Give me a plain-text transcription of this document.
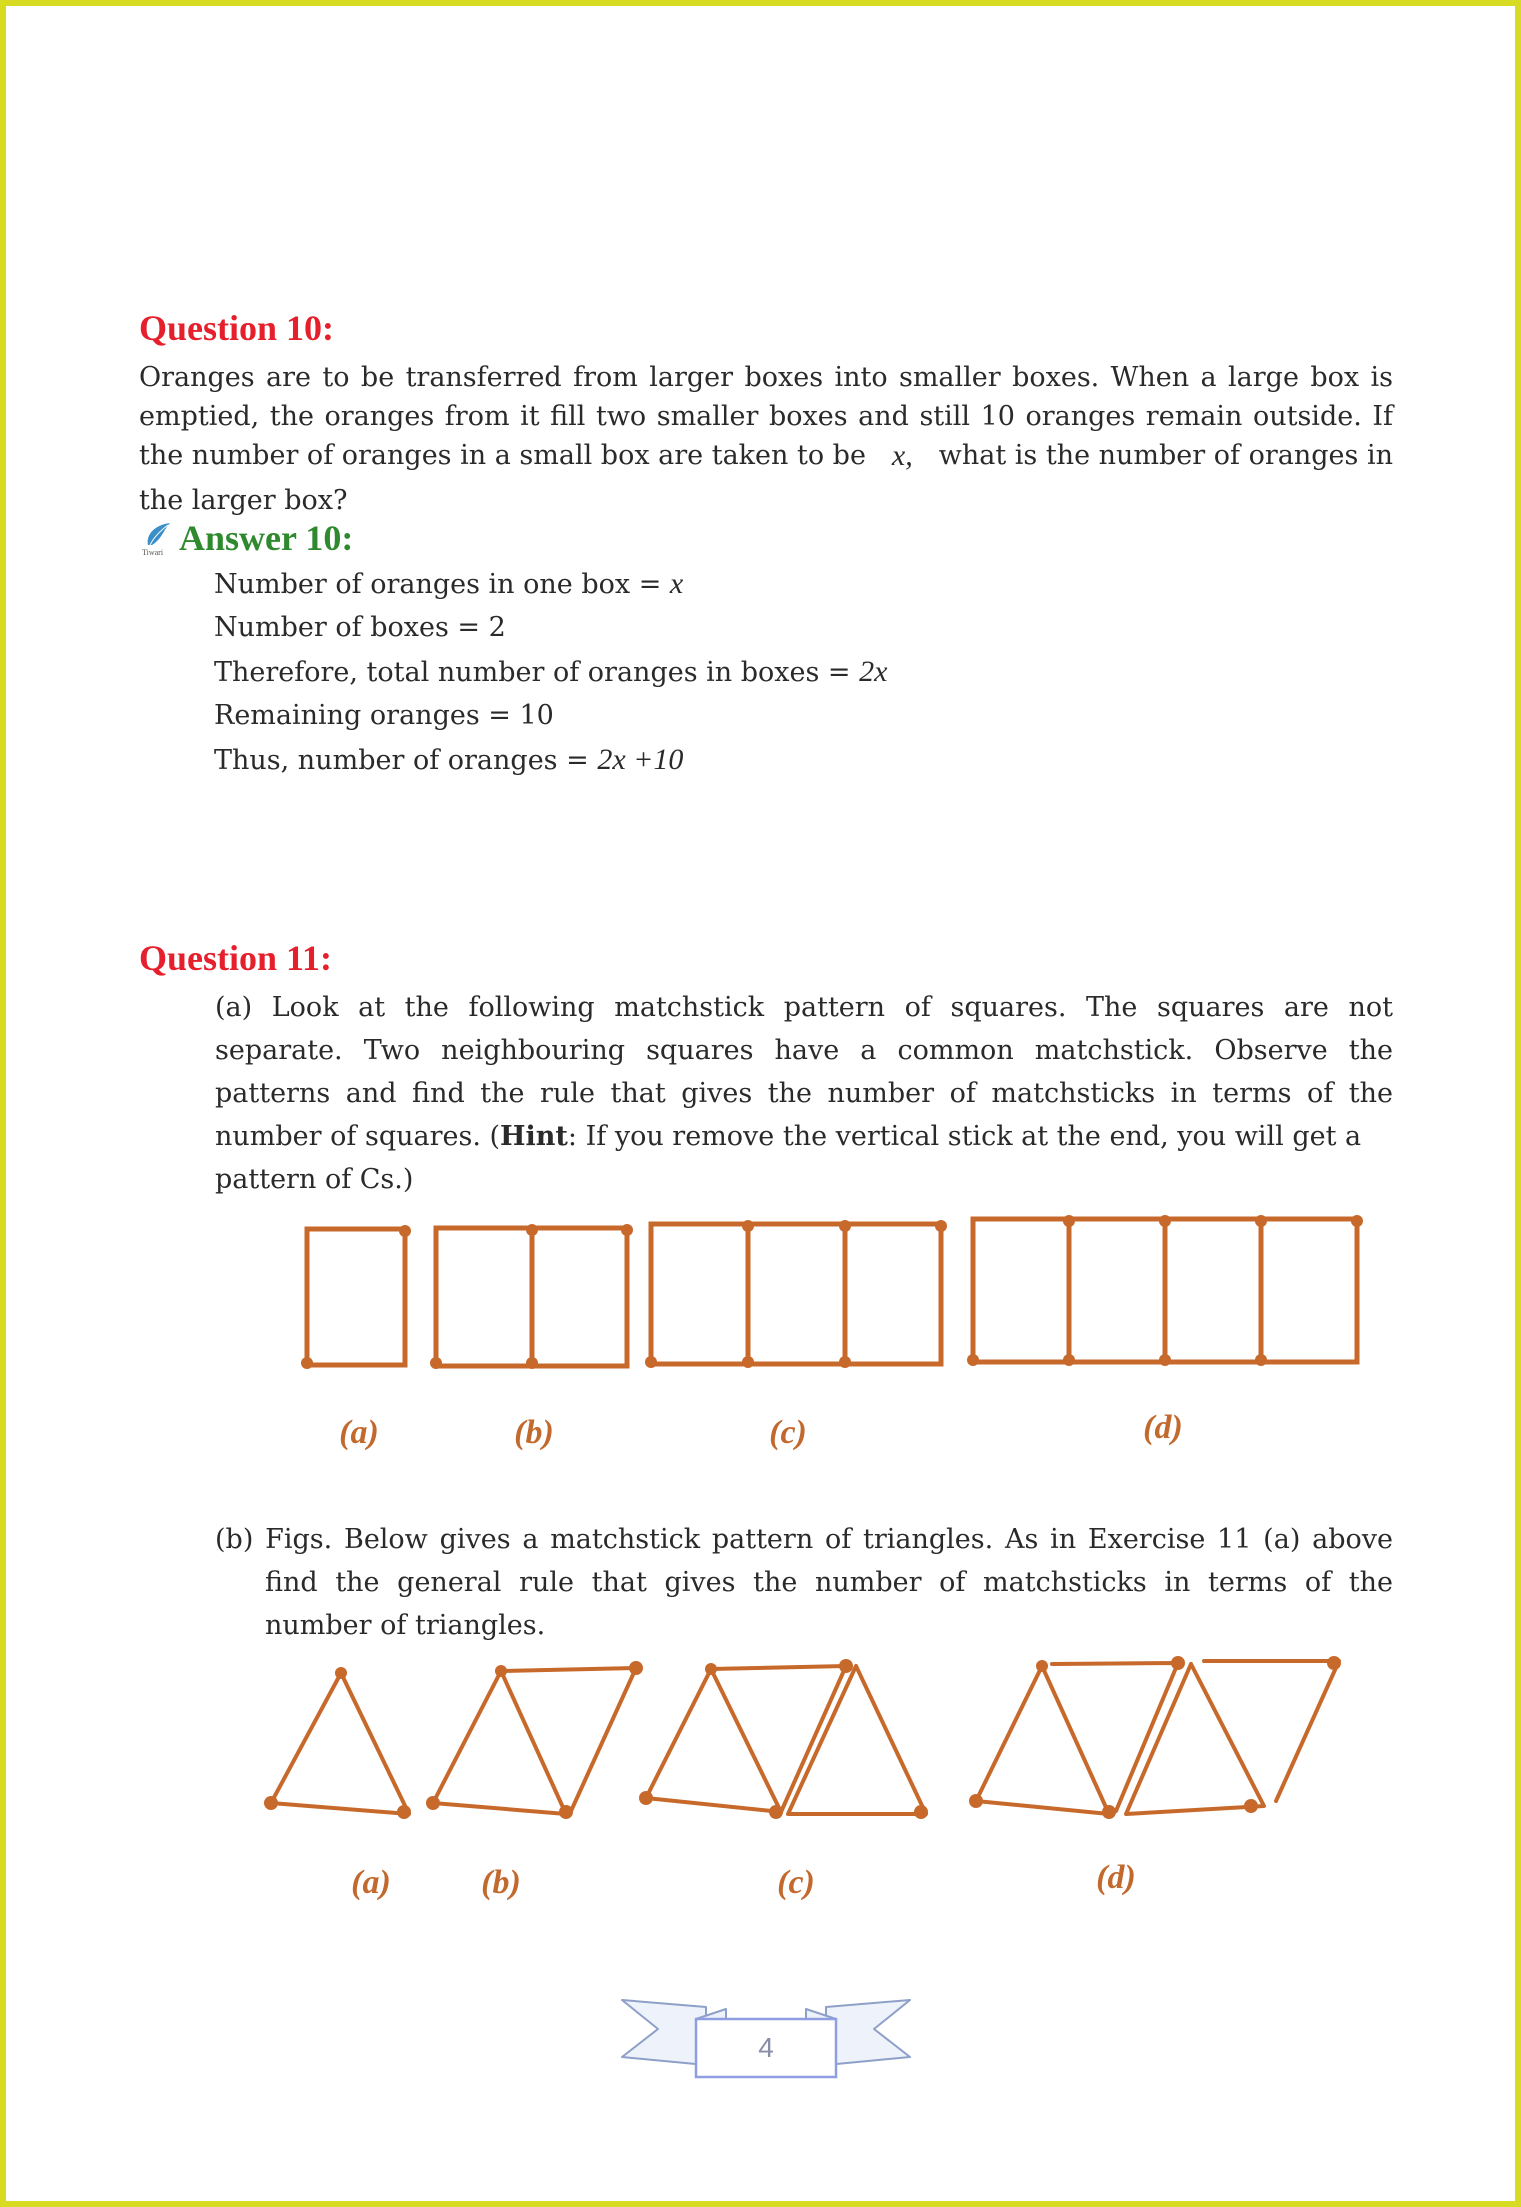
Question 10:
Oranges are to be transferred from larger boxes into smaller boxes. When a large box is
emptied, the oranges from it fill two smaller boxes and still 10 oranges remain outside. If
the number of oranges in a small box are taken to be x, what is the number of oranges in
the larger box?
Tiwari Answer 10:
Number of oranges in one box = x
Number of boxes = 2
Therefore, total number of oranges in boxes = 2x
Remaining oranges = 10
Thus, number of oranges = 2x +10
Question 11:
(a) Look at the following matchstick pattern of squares. The squares are not
separate. Two neighbouring squares have a common matchstick. Observe the
patterns and find the rule that gives the number of matchsticks in terms of the
number of squares. (Hint: If you remove the vertical stick at the end, you will get a
pattern of Cs.)
(a)	(b)	(c)	(d)
(b) Figs. Below gives a matchstick pattern of triangles. As in Exercise 11 (a) above
find the general rule that gives the number of matchsticks in terms of the
number of triangles.
(a)	(b)	(c)	(d)
4
